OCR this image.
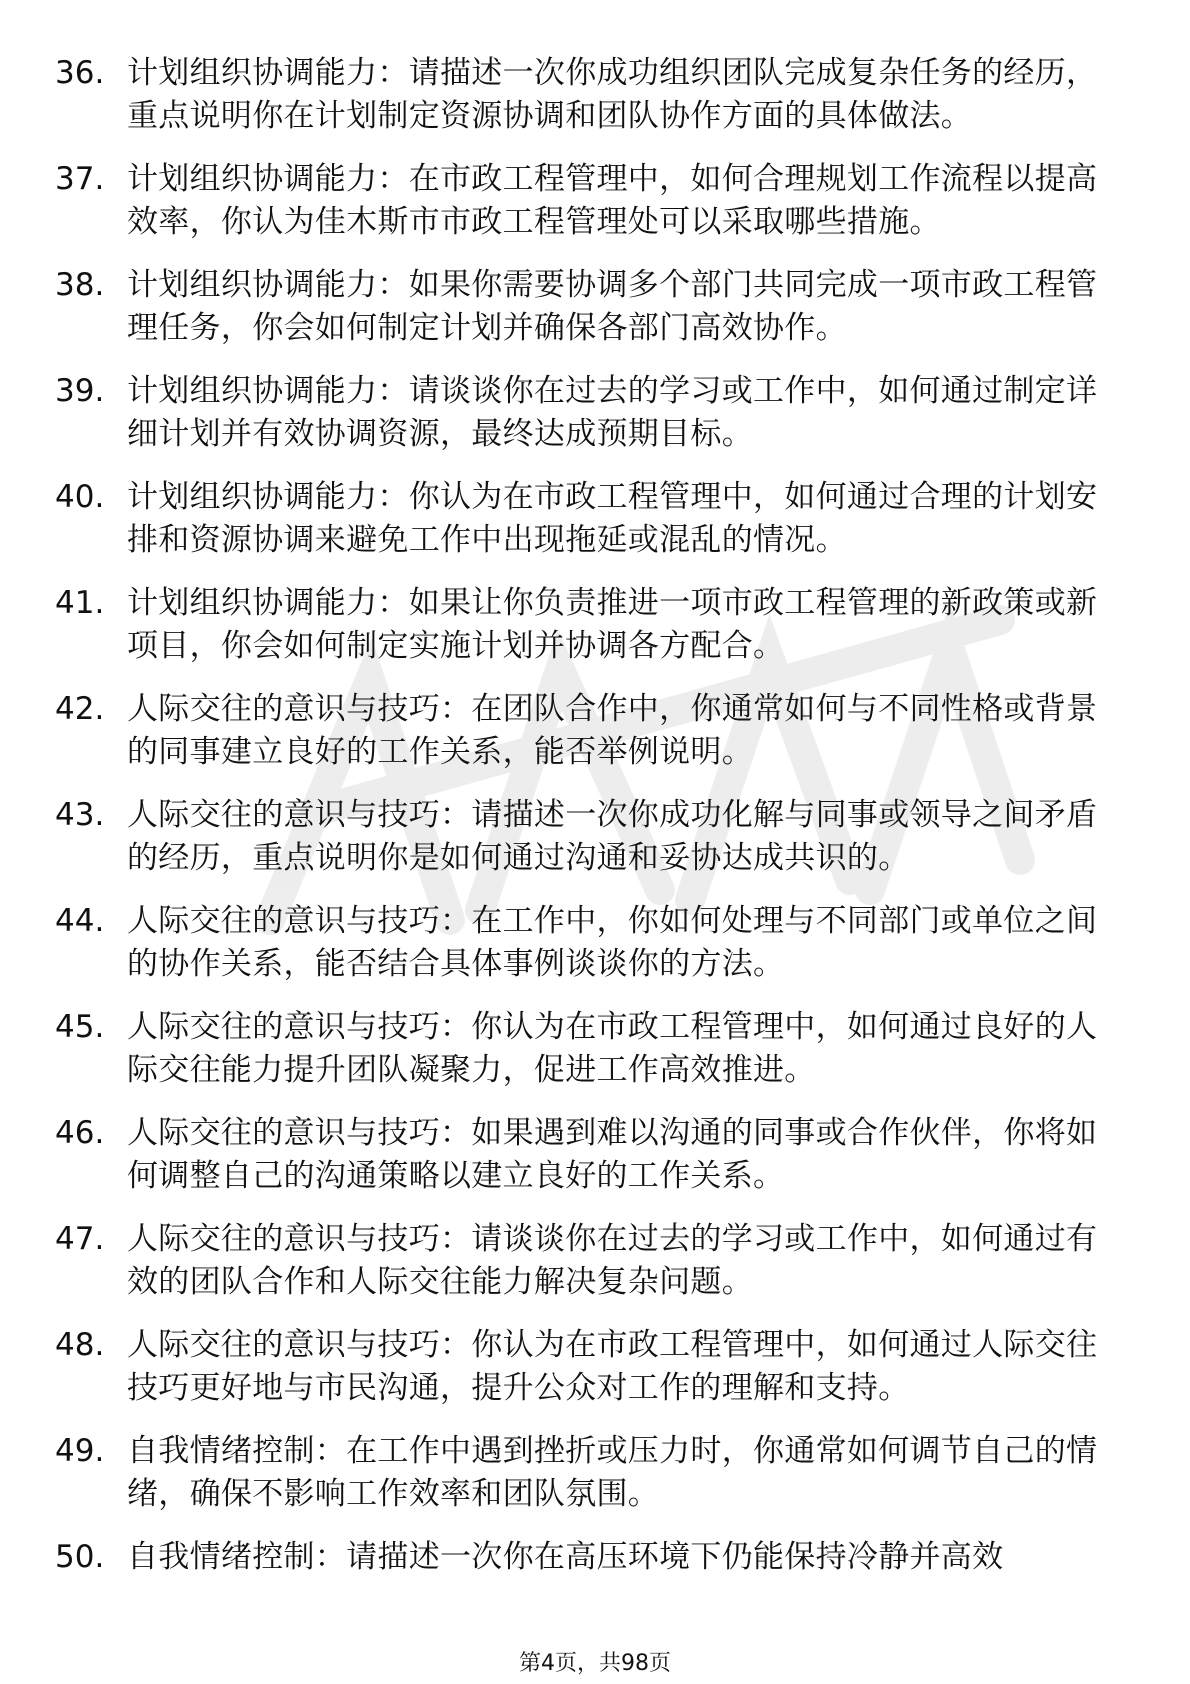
36. 计划组织协调能力：请描述一次你成功组织团队完成复杂任务的经历，重点说明你在计划制定资源协调和团队协作方面的具体做法。
37. 计划组织协调能力：在市政工程管理中，如何合理规划工作流程以提高效率，你认为佳木斯市市政工程管理处可以采取哪些措施。
38. 计划组织协调能力：如果你需要协调多个部门共同完成一项市政工程管理任务，你会如何制定计划并确保各部门高效协作。
39. 计划组织协调能力：请谈谈你在过去的学习或工作中，如何通过制定详细计划并有效协调资源，最终达成预期目标。
40. 计划组织协调能力：你认为在市政工程管理中，如何通过合理的计划安排和资源协调来避免工作中出现拖延或混乱的情况。
41. 计划组织协调能力：如果让你负责推进一项市政工程管理的新政策或新项目，你会如何制定实施计划并协调各方配合。
42. 人际交往的意识与技巧：在团队合作中，你通常如何与不同性格或背景的同事建立良好的工作关系，能否举例说明。
43. 人际交往的意识与技巧：请描述一次你成功化解与同事或领导之间矛盾的经历，重点说明你是如何通过沟通和妥协达成共识的。
44. 人际交往的意识与技巧：在工作中，你如何处理与不同部门或单位之间的协作关系，能否结合具体事例谈谈你的方法。
45. 人际交往的意识与技巧：你认为在市政工程管理中，如何通过良好的人际交往能力提升团队凝聚力，促进工作高效推进。
46. 人际交往的意识与技巧：如果遇到难以沟通的同事或合作伙伴，你将如何调整自己的沟通策略以建立良好的工作关系。
47. 人际交往的意识与技巧：请谈谈你在过去的学习或工作中，如何通过有效的团队合作和人际交往能力解决复杂问题。
48. 人际交往的意识与技巧：你认为在市政工程管理中，如何通过人际交往技巧更好地与市民沟通，提升公众对工作的理解和支持。
49. 自我情绪控制：在工作中遇到挫折或压力时，你通常如何调节自己的情绪，确保不影响工作效率和团队氛围。
50. 自我情绪控制：请描述一次你在高压环境下仍能保持冷静并高效
第4页，共98页
